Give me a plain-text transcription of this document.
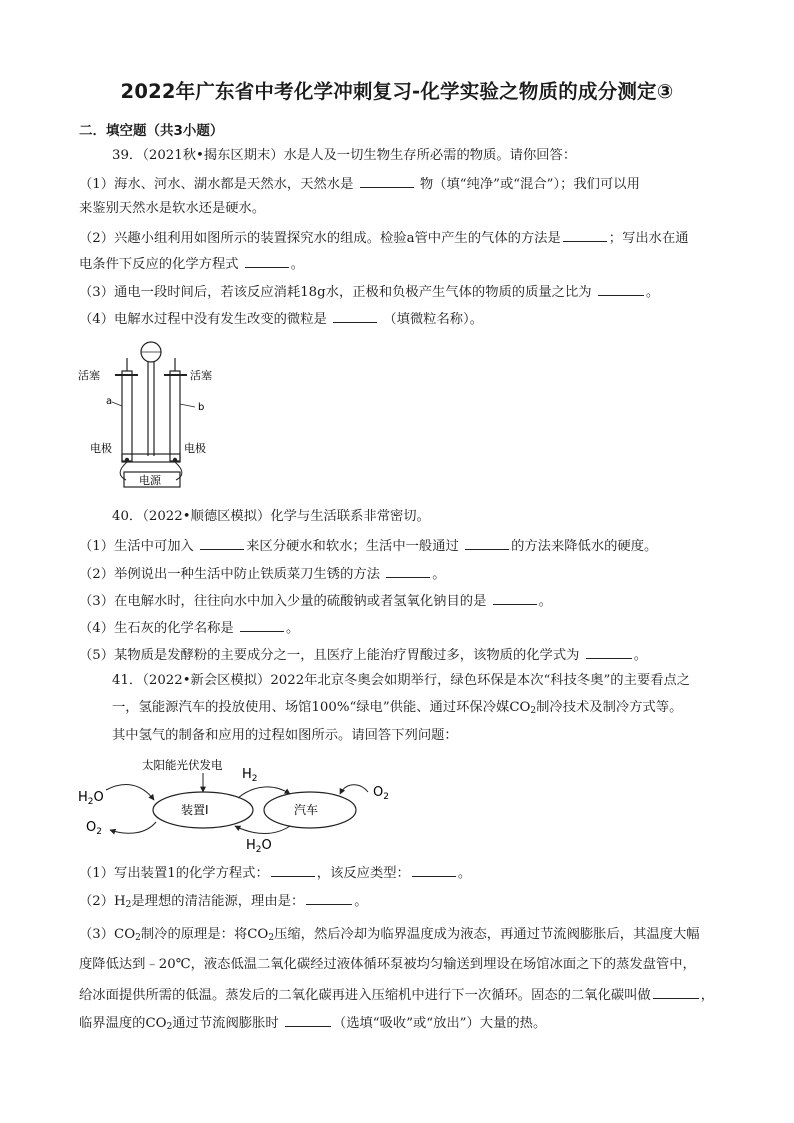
2022年广东省中考化学冲刺复习-化学实验之物质的成分测定③
二．填空题（共3小题）
39．（2021秋•揭东区期末）水是人及一切生物生存所必需的物质。请你回答：
（1）海水、河水、湖水都是天然水，天然水是	物（填“纯净”或“混合”）；我们可以用
来鉴别天然水是软水还是硬水。
（2）兴趣小组利用如图所示的装置探究水的组成。检验a管中产生的气体的方法是	；写出水在通
电条件下反应的化学方程式	。
（3）通电一段时间后，若该反应消耗18g水，正极和负极产生气体的物质的质量之比为	。
（4）电解水过程中没有发生改变的微粒是	（填微粒名称）。
活塞	活塞
a
b
电极	电极
电源
40．（2022•顺德区模拟）化学与生活联系非常密切。
（1）生活中可加入	来区分硬水和软水；生活中一般通过	的方法来降低水的硬度。
（2）举例说出一种生活中防止铁质菜刀生锈的方法	。
（3）在电解水时，往往向水中加入少量的硫酸钠或者氢氧化钠目的是	。
（4）生石灰的化学名称是	。
（5）某物质是发酵粉的主要成分之一，且医疗上能治疗胃酸过多，该物质的化学式为	。
41．（2022•新会区模拟）2022年北京冬奥会如期举行，绿色环保是本次“科技冬奥”的主要看点之
一，氢能源汽车的投放使用、场馆100%“绿电”供能、通过环保冷媒$CO_2$制冷技术及制冷方式等。
其中氢气的制备和应用的过程如图所示。请回答下列问题：
太阳能光伏发电
装置I	汽车
$H_2$
$H_2O$
$H_2O$
$O_2$
$O_2$
（1）写出装置1的化学方程式：	，该反应类型：	。
$(2)H_2$是理想的清洁能源，理由是：	。
$(3)CO_2$制冷的原理是：将$CO_2$压缩，然后冷却为临界温度成为液态，再通过节流阀膨胀后，其温度大幅
度降低达到﹣20℃，液态低温二氧化碳经过液体循环泵被均匀输送到埋设在场馆冰面之下的蒸发盘管中，
给冰面提供所需的低温。蒸发后的二氧化碳再进入压缩机中进行下一次循环。固态的二氧化碳叫做	，
临界温度的$CO_2$通过节流阀膨胀时	（选填“吸收”或“放出”）大量的热。
